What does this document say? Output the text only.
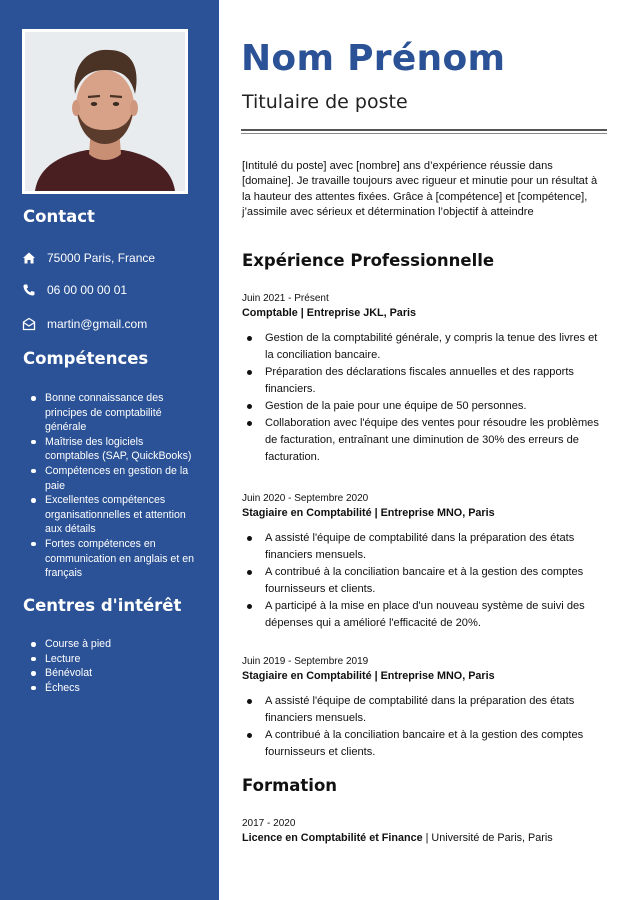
Contact
75000 Paris, France
06 00 00 00 01
martin@gmail.com
Compétences
Bonne connaissance des principes de comptabilité générale
Maîtrise des logiciels comptables (SAP, QuickBooks)
Compétences en gestion de la paie
Excellentes compétences organisationnelles et attention aux détails
Fortes compétences en communication en anglais et en français
Centres d'intérêt
Course à pied
Lecture
Bénévolat
Échecs
Nom Prénom
Titulaire de poste
[Intitulé du poste] avec [nombre] ans d’expérience réussie dans [domaine]. Je travaille toujours avec rigueur et minutie pour un résultat à la hauteur des attentes fixées. Grâce à [compétence] et [compétence], j’assimile avec sérieux et détermination l’objectif à atteindre
Expérience Professionnelle
Juin 2021 - Présent
Comptable | Entreprise JKL, Paris
Gestion de la comptabilité générale, y compris la tenue des livres et la conciliation bancaire.
Préparation des déclarations fiscales annuelles et des rapports financiers.
Gestion de la paie pour une équipe de 50 personnes.
Collaboration avec l'équipe des ventes pour résoudre les problèmes de facturation, entraînant une diminution de 30% des erreurs de facturation.
Juin 2020 - Septembre 2020
Stagiaire en Comptabilité | Entreprise MNO, Paris
A assisté l'équipe de comptabilité dans la préparation des états financiers mensuels.
A contribué à la conciliation bancaire et à la gestion des comptes fournisseurs et clients.
A participé à la mise en place d'un nouveau système de suivi des dépenses qui a amélioré l'efficacité de 20%.
Juin 2019 - Septembre 2019
Stagiaire en Comptabilité | Entreprise MNO, Paris
A assisté l'équipe de comptabilité dans la préparation des états financiers mensuels.
A contribué à la conciliation bancaire et à la gestion des comptes fournisseurs et clients.
Formation
2017 - 2020
Licence en Comptabilité et Finance | Université de Paris, Paris
